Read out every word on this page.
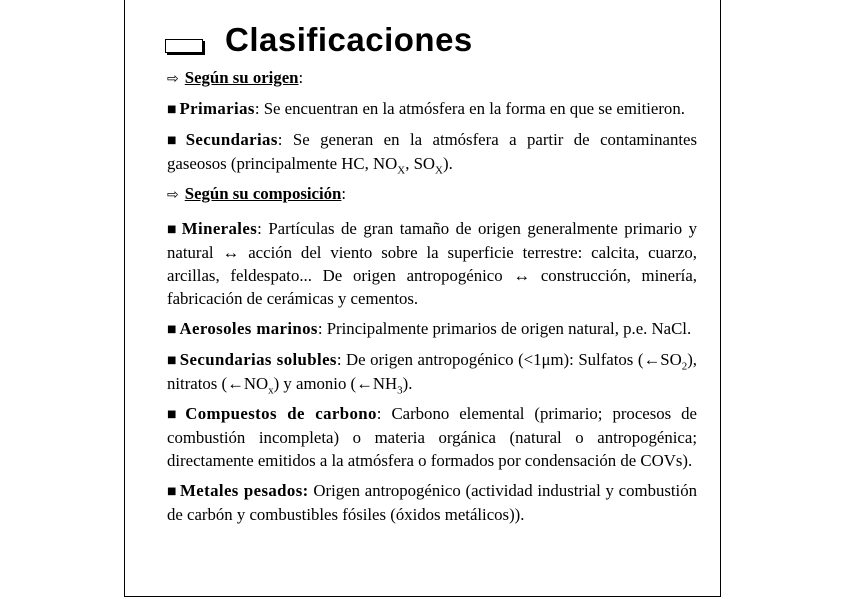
Clasificaciones
⇨ Según su origen:
■ Primarias: Se encuentran en la atmósfera en la forma en que se emitieron.
■ Secundarias: Se generan en la atmósfera a partir de contaminantes gaseosos (principalmente HC, $NO_X$, $SO_X$).
⇨ Según su composición:
■ Minerales: Partículas de gran tamaño de origen generalmente primario y natural ↔ acción del viento sobre la superficie terrestre: calcita, cuarzo, arcillas, feldespato... De origen antropogénico ↔ construcción, minería, fabricación de cerámicas y cementos.
■ Aerosoles marinos: Principalmente primarios de origen natural, p.e. NaCl.
■ Secundarias solubles: De origen antropogénico (<1μm): Sulfatos $(\leftarrow SO_2)$, nitratos $(\leftarrow NO_x)$ y amonio $(\leftarrow NH_3)$.
■ Compuestos de carbono: Carbono elemental (primario; procesos de combustión incompleta) o materia orgánica (natural o antropogénica; directamente emitidos a la atmósfera o formados por condensación de COVs).
■ Metales pesados: Origen antropogénico (actividad industrial y combustión de carbón y combustibles fósiles (óxidos metálicos)).
